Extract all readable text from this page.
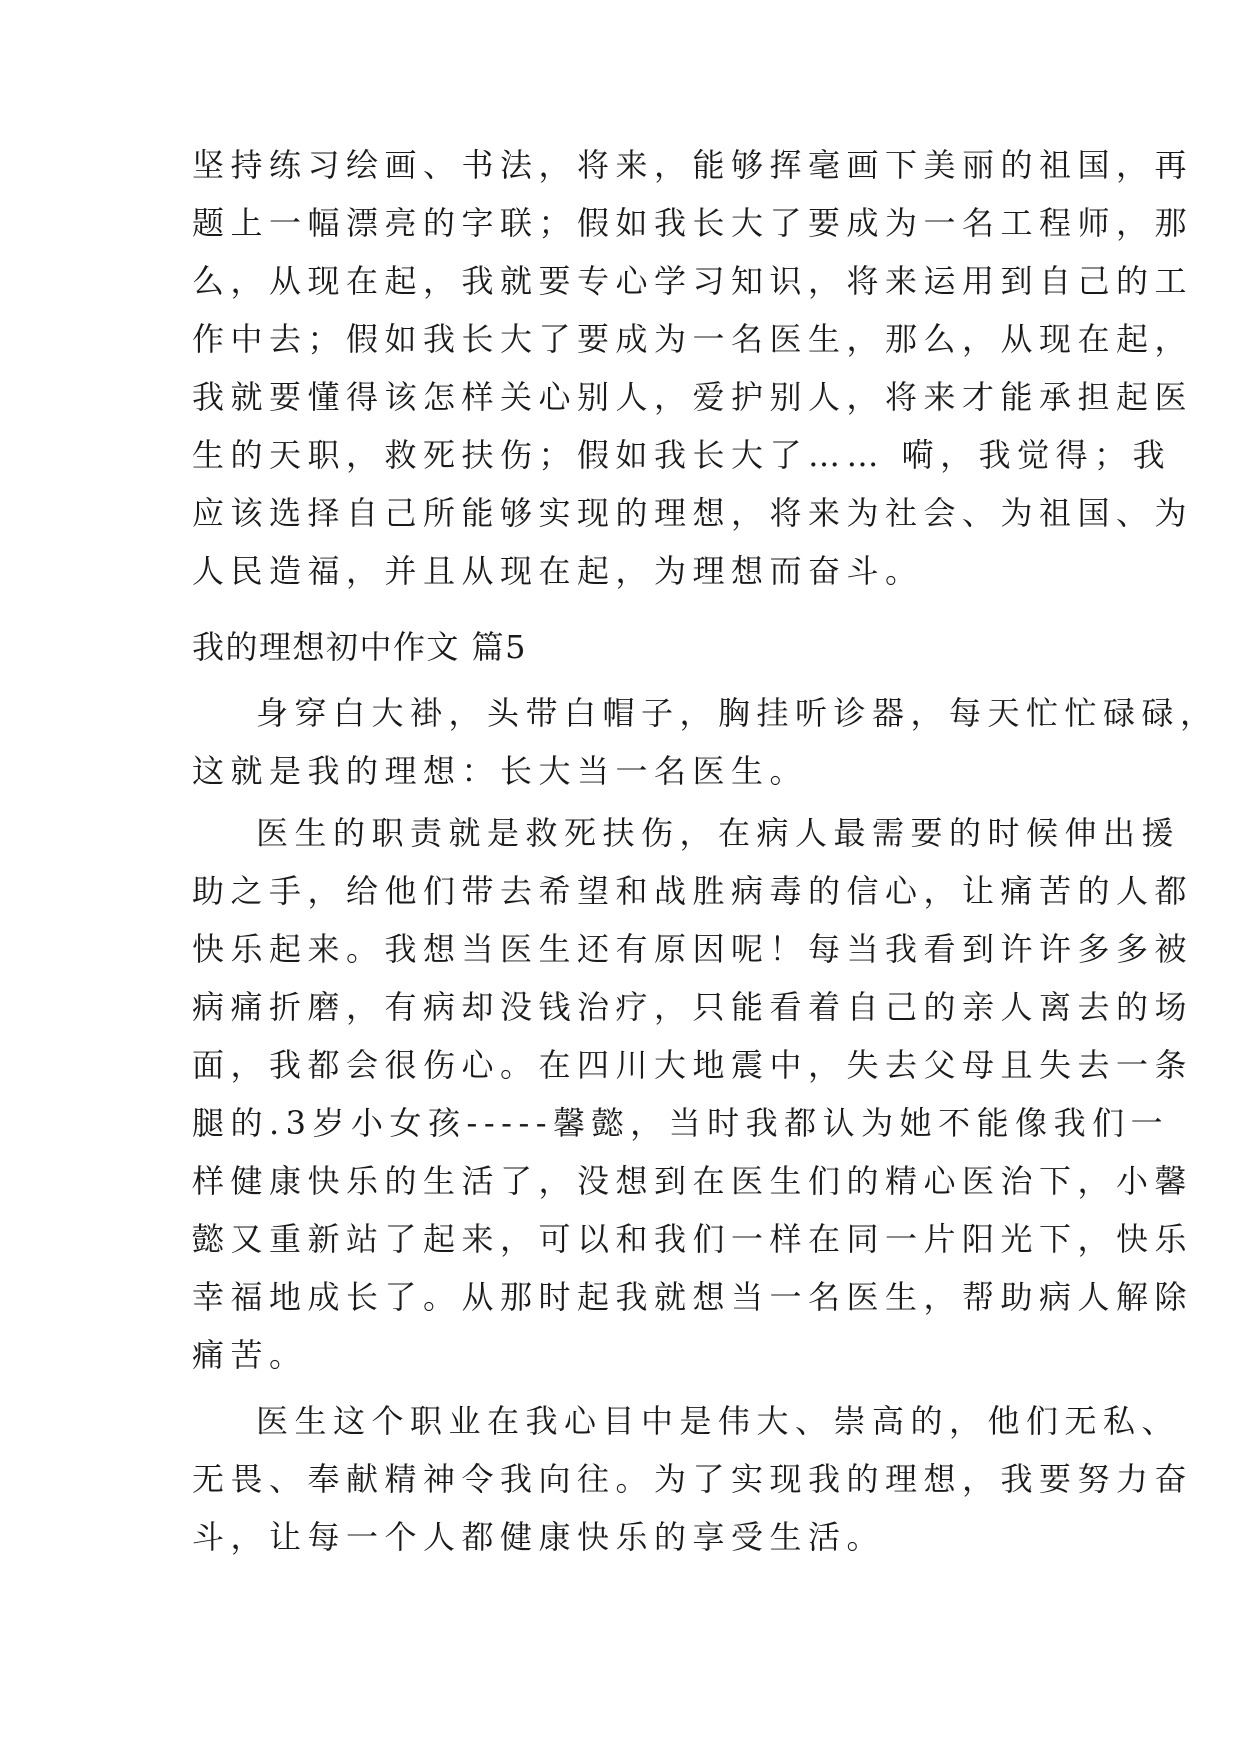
坚持练习绘画、书法，将来，能够挥毫画下美丽的祖国，再
题上一幅漂亮的字联；假如我长大了要成为一名工程师，那
么，从现在起，我就要专心学习知识，将来运用到自己的工
作中去；假如我长大了要成为一名医生，那么，从现在起，
我就要懂得该怎样关心别人，爱护别人，将来才能承担起医
生的天职，救死扶伤；假如我长大了…… 嗬，我觉得；我
应该选择自己所能够实现的理想，将来为社会、为祖国、为
人民造福，并且从现在起，为理想而奋斗。
我的理想初中作文 篇5
身穿白大褂，头带白帽子，胸挂听诊器，每天忙忙碌碌，
这就是我的理想：长大当一名医生。
医生的职责就是救死扶伤，在病人最需要的时候伸出援
助之手，给他们带去希望和战胜病毒的信心，让痛苦的人都
快乐起来。我想当医生还有原因呢！每当我看到许许多多被
病痛折磨，有病却没钱治疗，只能看着自己的亲人离去的场
面，我都会很伤心。在四川大地震中，失去父母且失去一条
腿的.3岁小女孩-----馨懿，当时我都认为她不能像我们一
样健康快乐的生活了，没想到在医生们的精心医治下，小馨
懿又重新站了起来，可以和我们一样在同一片阳光下，快乐
幸福地成长了。从那时起我就想当一名医生，帮助病人解除
痛苦。
医生这个职业在我心目中是伟大、崇高的，他们无私、
无畏、奉献精神令我向往。为了实现我的理想，我要努力奋
斗，让每一个人都健康快乐的享受生活。
